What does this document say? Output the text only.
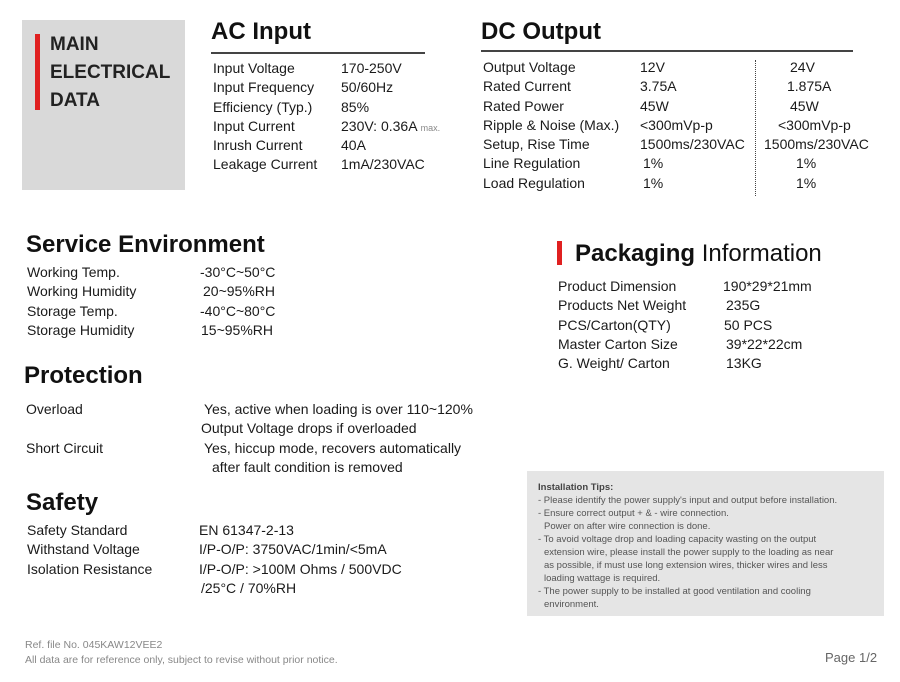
MAIN
ELECTRICAL
DATA
AC Input
Input Voltage	170-250V
Input Frequency 50/60Hz
Efficiency (Typ.) 85%
Input Current	230V: 0.36A max.
Inrush Current	40A
Leakage Current 1mA/230VAC
DC Output
Output Voltage	12V	24V
Rated Current	3.75A	1.875A
Rated Power	45W	45W
Ripple & Noise (Max.) <300mVp-p	<300mVp-p
Setup, Rise Time	1500ms/230VAC 1500ms/230VAC
Line Regulation	1%	1%
Load Regulation	1%	1%
Service Environment
Working Temp.	-30°C~50°C
Working Humidity	20~95%RH
Storage Temp.	-40°C~80°C
Storage Humidity	15~95%RH
Protection
Overload	Yes, active when loading is over 110~120%
Output Voltage drops if overloaded
Short Circuit	Yes, hiccup mode, recovers automatically
after fault condition is removed
Safety
Safety Standard	EN 61347-2-13
Withstand Voltage	I/P-O/P: 3750VAC/1min/<5mA
Isolation Resistance	I/P-O/P: >100M Ohms / 500VDC
/25°C / 70%RH
Packaging Information
Product Dimension	190*29*21mm
Products Net Weight	235G
PCS/Carton(QTY)	50 PCS
Master Carton Size	39*22*22cm
G. Weight/ Carton	13KG
Installation Tips:
- Please identify the power supply's input and output before installation.
- Ensure correct output + & - wire connection.
Power on after wire connection is done.
- To avoid voltage drop and loading capacity wasting on the output
extension wire, please install the power supply to the loading as near
as possible, if must use long extension wires, thicker wires and less
loading wattage is required.
- The power supply to be installed at good ventilation and cooling
environment.
Ref. file No. 045KAW12VEE2
All data are for reference only, subject to revise without prior notice.	Page 1/2
